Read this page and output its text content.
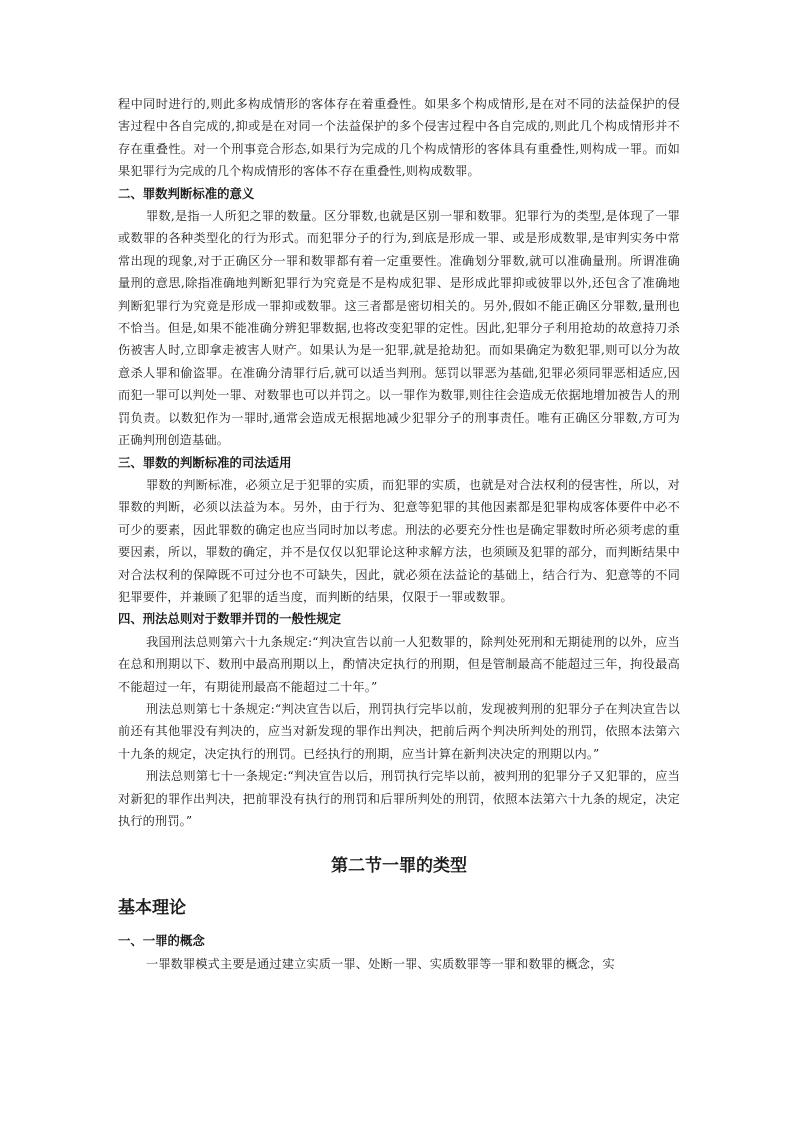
程中同时进行的,则此多构成情形的客体存在着重叠性。如果多个构成情形,是在对不同的法益保护的侵害过程中各自完成的,抑或是在对同一个法益保护的多个侵害过程中各自完成的,则此几个构成情形并不存在重叠性。对一个刑事竞合形态,如果行为完成的几个构成情形的客体具有重叠性,则构成一罪。而如果犯罪行为完成的几个构成情形的客体不存在重叠性,则构成数罪。

二、罪数判断标准的意义

罪数,是指一人所犯之罪的数量。区分罪数,也就是区别一罪和数罪。犯罪行为的类型,是体现了一罪或数罪的各种类型化的行为形式。而犯罪分子的行为,到底是形成一罪、或是形成数罪,是审判实务中常常出现的现象,对于正确区分一罪和数罪都有着一定重要性。准确划分罪数,就可以准确量刑。所谓准确量刑的意思,除指准确地判断犯罪行为究竟是不是构成犯罪、是形成此罪抑或彼罪以外,还包含了准确地判断犯罪行为究竟是形成一罪抑或数罪。这三者都是密切相关的。另外,假如不能正确区分罪数,量刑也不恰当。但是,如果不能准确分辨犯罪数据,也将改变犯罪的定性。因此,犯罪分子利用抢劫的故意持刀杀伤被害人时,立即拿走被害人财产。如果认为是一犯罪,就是抢劫犯。而如果确定为数犯罪,则可以分为故意杀人罪和偷盗罪。在准确分清罪行后,就可以适当判刑。惩罚以罪恶为基础,犯罪必须同罪恶相适应,因而犯一罪可以判处一罪、对数罪也可以并罚之。以一罪作为数罪,则往往会造成无依据地增加被告人的刑罚负责。以数犯作为一罪时,通常会造成无根据地减少犯罪分子的刑事责任。唯有正确区分罪数,方可为正确判刑创造基础。

三、罪数的判断标准的司法适用

罪数的判断标准，必须立足于犯罪的实质，而犯罪的实质，也就是对合法权利的侵害性，所以，对罪数的判断，必须以法益为本。另外，由于行为、犯意等犯罪的其他因素都是犯罪构成客体要件中必不可少的要素，因此罪数的确定也应当同时加以考虑。刑法的必要充分性也是确定罪数时所必须考虑的重要因素，所以，罪数的确定，并不是仅仅以犯罪论这种求解方法，也须顾及犯罪的部分，而判断结果中对合法权利的保障既不可过分也不可缺失，因此，就必须在法益论的基础上，结合行为、犯意等的不同犯罪要件，并兼顾了犯罪的适当度，而判断的结果，仅限于一罪或数罪。

四、刑法总则对于数罪并罚的一般性规定

我国刑法总则第六十九条规定:“判决宣告以前一人犯数罪的，除判处死刑和无期徒刑的以外，应当在总和刑期以下、数刑中最高刑期以上，酌情决定执行的刑期，但是管制最高不能超过三年，拘役最高不能超过一年，有期徒刑最高不能超过二十年。”

刑法总则第七十条规定:“判决宣告以后，刑罚执行完毕以前，发现被判刑的犯罪分子在判决宣告以前还有其他罪没有判决的，应当对新发现的罪作出判决，把前后两个判决所判处的刑罚，依照本法第六十九条的规定，决定执行的刑罚。已经执行的刑期，应当计算在新判决决定的刑期以内。”

刑法总则第七十一条规定:“判决宣告以后，刑罚执行完毕以前，被判刑的犯罪分子又犯罪的，应当对新犯的罪作出判决，把前罪没有执行的刑罚和后罪所判处的刑罚，依照本法第六十九条的规定，决定执行的刑罚。”

第二节一罪的类型
基本理论
一、一罪的概念

一罪数罪模式主要是通过建立实质一罪、处断一罪、实质数罪等一罪和数罪的概念，实
